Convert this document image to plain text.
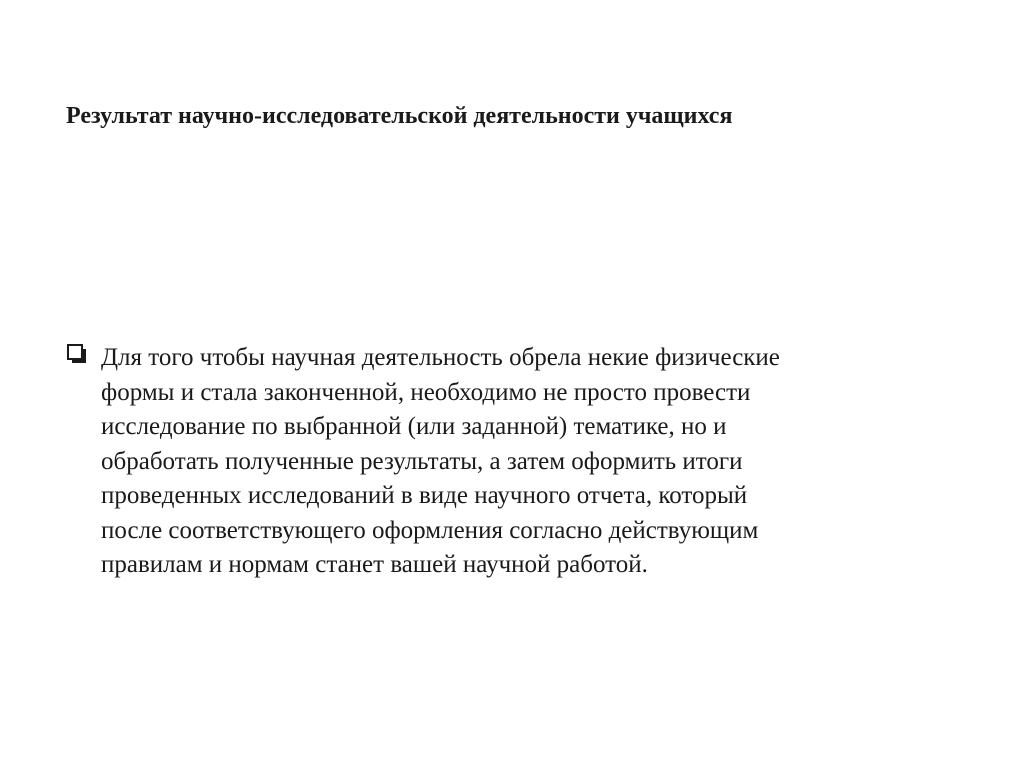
Результат научно-исследовательской деятельности учащихся
Для того чтобы научная деятельность обрела некие физические
формы и стала законченной, необходимо не просто провести
исследование по выбранной (или заданной) тематике, но и
обработать полученные результаты, а затем оформить итоги
проведенных исследований в виде научного отчета, который
после соответствующего оформления согласно действующим
правилам и нормам станет вашей научной работой.
